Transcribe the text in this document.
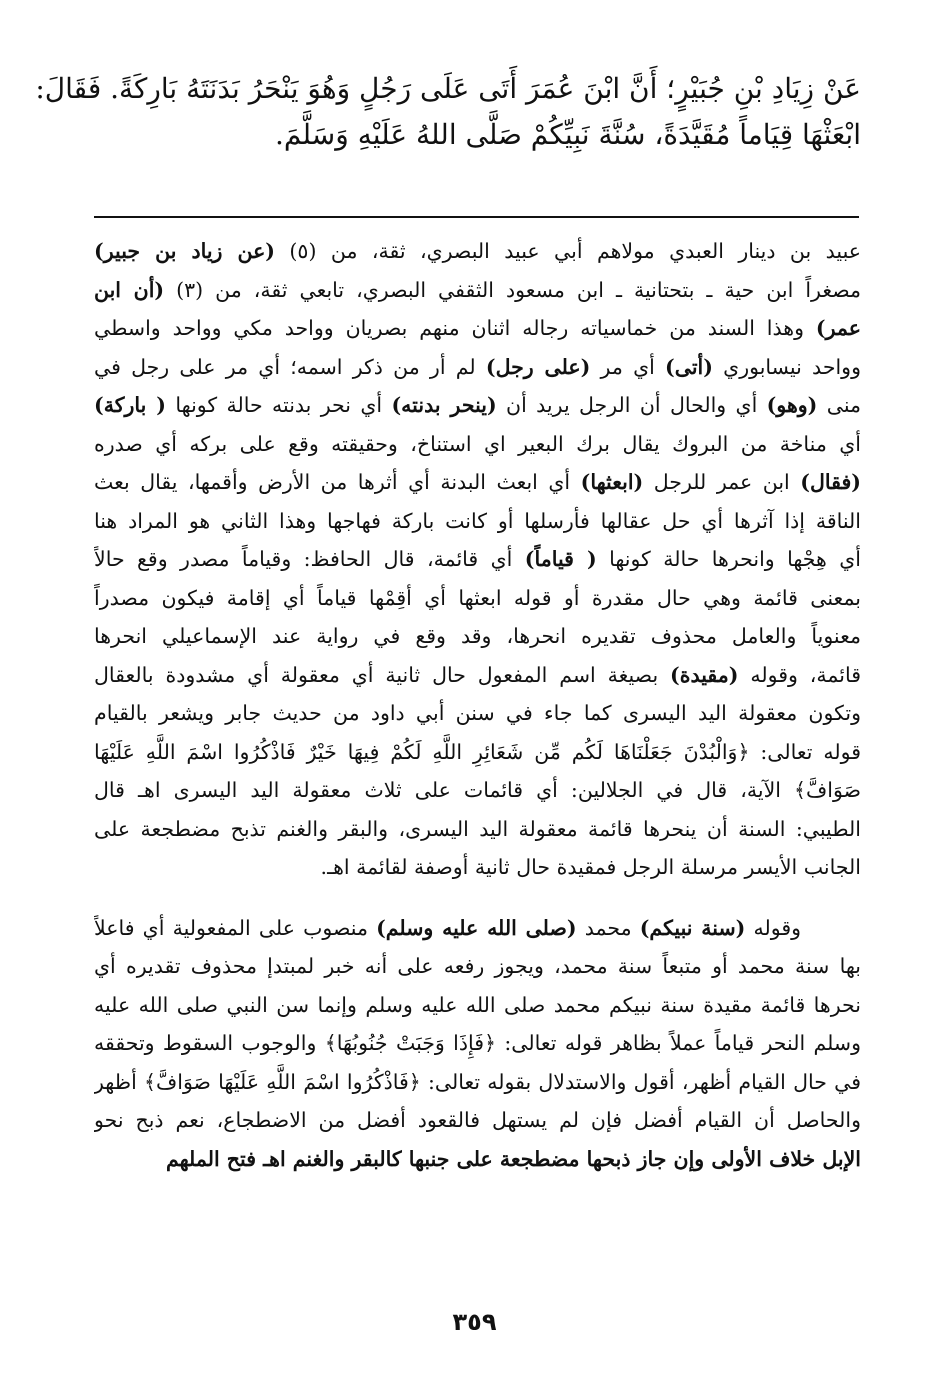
عَنْ زِيَادِ بْنِ جُبَيْرٍ؛ أَنَّ ابْنَ عُمَرَ أَتَى عَلَى رَجُلٍ وَهُوَ يَنْحَرُ بَدَنَتَهُ بَارِكَةً. فَقَالَ:
ابْعَثْهَا قِيَاماً مُقَيَّدَةً، سُنَّةَ نَبِيِّكُمْ صَلَّى اللهُ عَلَيْهِ وَسَلَّمَ.
عبيد بن دينار العبدي مولاهم أبي عبيد البصري، ثقة، من (٥) (عن زياد بن جبير)
مصغراً ابن حية ـ بتحتانية ـ ابن مسعود الثقفي البصري، تابعي ثقة، من (٣) (أن ابن
عمر) وهذا السند من خماسياته رجاله اثنان منهم بصريان وواحد مكي وواحد واسطي
وواحد نيسابوري (أتى) أي مر (على رجل) لم أر من ذكر اسمه؛ أي مر على رجل في
منى (وهو) أي والحال أن الرجل يريد أن (ينحر بدنته) أي نحر بدنته حالة كونها ( باركة)
أي مناخة من البروك يقال برك البعير اي استناخ، وحقيقته وقع على بركه أي صدره
(فقال) ابن عمر للرجل (ابعثها) أي ابعث البدنة أي أثرها من الأرض وأقمها، يقال بعث
الناقة إذا آثرها أي حل عقالها فأرسلها أو كانت باركة فهاجها وهذا الثاني هو المراد هنا
أي هِجْها وانحرها حالة كونها ( قياماً) أي قائمة، قال الحافظ: وقياماً مصدر وقع حالاً
بمعنى قائمة وهي حال مقدرة أو قوله ابعثها أي أقِمْها قياماً أي إقامة فيكون مصدراً
معنوياً والعامل محذوف تقديره انحرها، وقد وقع في رواية عند الإسماعيلي انحرها
قائمة، وقوله (مقيدة) بصيغة اسم المفعول حال ثانية أي معقولة أي مشدودة بالعقال
وتكون معقولة اليد اليسرى كما جاء في سنن أبي داود من حديث جابر ويشعر بالقيام
قوله تعالى: ﴿وَالْبُدْنَ جَعَلْنَاهَا لَكُم مِّن شَعَائِرِ اللَّهِ لَكُمْ فِيهَا خَيْرٌ فَاذْكُرُوا اسْمَ اللَّهِ عَلَيْهَا
صَوَافَّ﴾ الآية، قال في الجلالين: أي قائمات على ثلاث معقولة اليد اليسرى اهـ قال
الطيبي: السنة أن ينحرها قائمة معقولة اليد اليسرى، والبقر والغنم تذبح مضطجعة على
الجانب الأيسر مرسلة الرجل فمقيدة حال ثانية أوصفة لقائمة اهـ.
وقوله (سنة نبيكم) محمد (صلى الله عليه وسلم) منصوب على المفعولية أي فاعلاً
بها سنة محمد أو متبعاً سنة محمد، ويجوز رفعه على أنه خبر لمبتدإ محذوف تقديره أي
نحرها قائمة مقيدة سنة نبيكم محمد صلى الله عليه وسلم وإنما سن النبي صلى الله عليه
وسلم النحر قياماً عملاً بظاهر قوله تعالى: ﴿فَإِذَا وَجَبَتْ جُنُوبُهَا﴾ والوجوب السقوط وتحققه
في حال القيام أظهر، أقول والاستدلال بقوله تعالى: ﴿فَاذْكُرُوا اسْمَ اللَّهِ عَلَيْهَا صَوَافَّ﴾ أظهر
والحاصل أن القيام أفضل فإن لم يستهل فالقعود أفضل من الاضطجاع، نعم ذبح نحو
الإبل خلاف الأولى وإن جاز ذبحها مضطجعة على جنبها كالبقر والغنم اهـ فتح الملهم
٣٥٩
